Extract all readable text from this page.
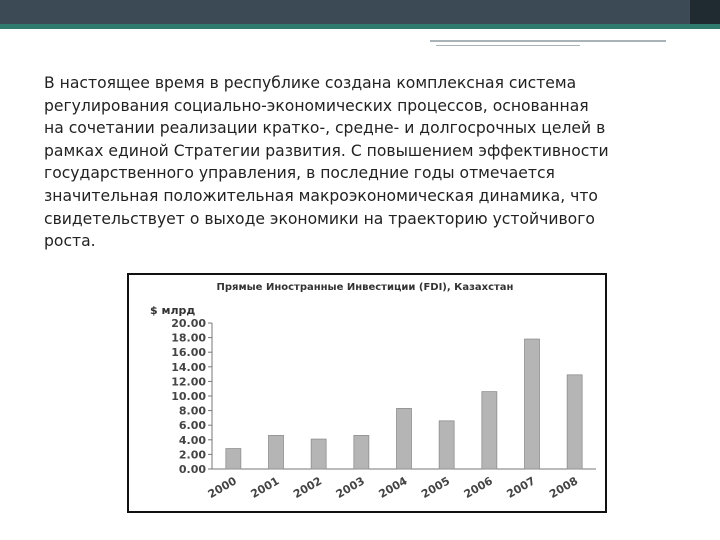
В настоящее время в республике создана комплексная система
регулирования социально-экономических процессов, основанная
на сочетании реализации кратко-, средне- и долгосрочных целей в
рамках единой Стратегии развития. С повышением эффективности
государственного управления, в последние годы отмечается
значительная положительная макроэкономическая динамика, что
свидетельствует о выходе экономики на траекторию устойчивого
роста.
Прямые Иностранные Инвестиции (FDI), Казахстан
$ млрд
0.00
2.00
4.00
6.00
8.00
10.00
12.00
14.00
16.00
18.00
20.00
2000 2001 2002 2003 2004 2005 2006 2007 2008
